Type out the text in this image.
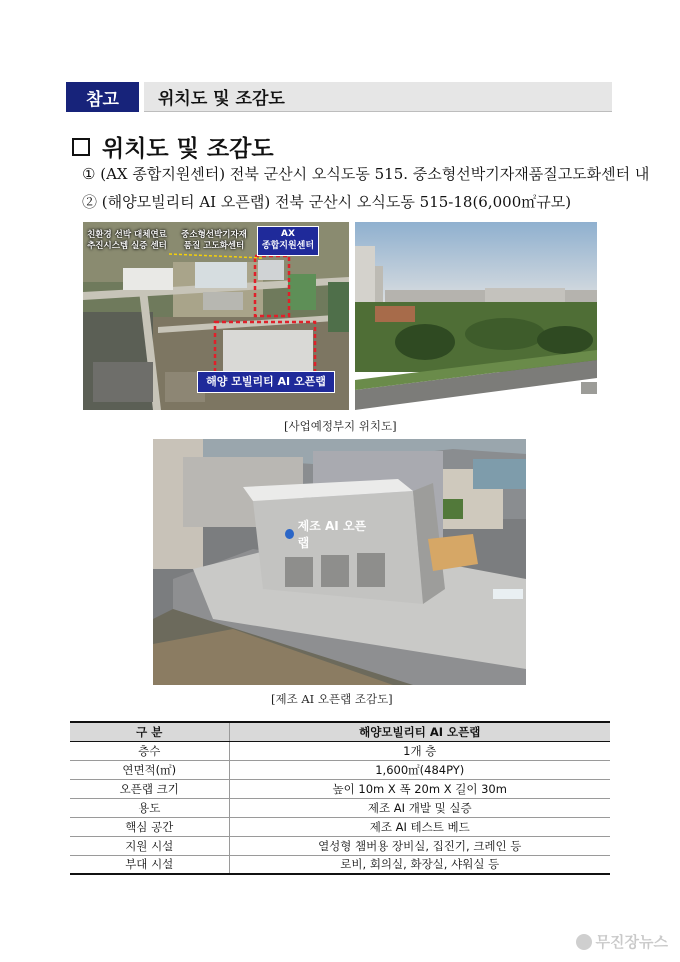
참고	위치도 및 조감도
위치도 및 조감도
① (AX 종합지원센터) 전북 군산시 오식도동 515. 중소형선박기자재품질고도화센터 내
② (해양모빌리티 AI 오픈랩) 전북 군산시 오식도동 515-18(6,000㎡규모)
친환경 선박 대체연료
추진시스템 실증 센터
중소형선박기자재
품질 고도화센터
AX
종합지원센터
해양 모빌리티 AI 오픈랩
[사업예정부지 위치도]
제조 AI 오픈랩
[제조 AI 오픈랩 조감도]
구 분	해양모빌리티 AI 오픈랩
층수	1개 층
연면적(㎡)	1,600㎡(484PY)
오픈랩 크기	높이 10m X 폭 20m X 길이 30m
용도	제조 AI 개발 및 실증
핵심 공간	제조 AI 테스트 베드
지원 시설	열성형 챔버용 장비실, 집진기, 크레인 등
부대 시설	로비, 회의실, 화장실, 샤워실 등
무진장뉴스
